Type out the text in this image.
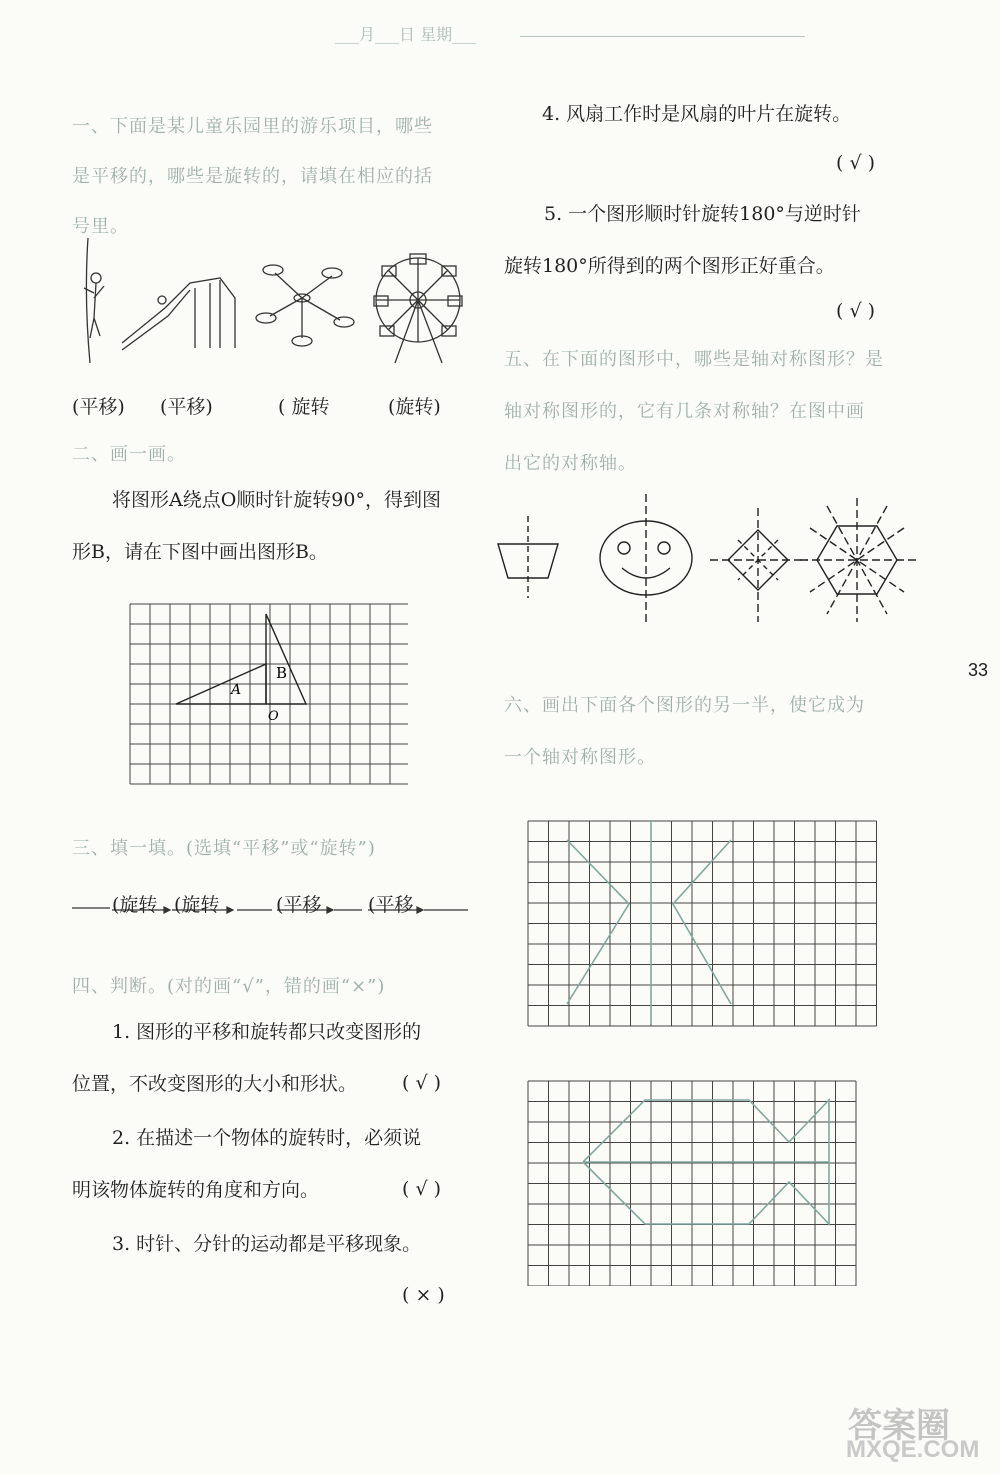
___月___日 星期___
33
一、下面是某儿童乐园里的游乐项目，哪些
是平移的，哪些是旋转的，请填在相应的括
号里。
(平移) (平移)	( 旋转	(旋转)
二、画一画。
将图形A绕点O顺时针旋转90°，得到图
形B，请在下图中画出图形B。
A
B
O
三、填一填。(选填“平移”或“旋转”)
(旋转 (旋转	(平移 (平移
四、判断。(对的画“√”，错的画“×”)
1. 图形的平移和旋转都只改变图形的
位置，不改变图形的大小和形状。	( √ )
2. 在描述一个物体的旋转时，必须说
明该物体旋转的角度和方向。	( √ )
3. 时针、分针的运动都是平移现象。
( × )
4. 风扇工作时是风扇的叶片在旋转。
( √ )
5. 一个图形顺时针旋转180°与逆时针
旋转180°所得到的两个图形正好重合。
( √ )
五、在下面的图形中，哪些是轴对称图形？是
轴对称图形的，它有几条对称轴？在图中画
出它的对称轴。
六、画出下面各个图形的另一半，使它成为
一个轴对称图形。
答案圈
MXQE.COM
